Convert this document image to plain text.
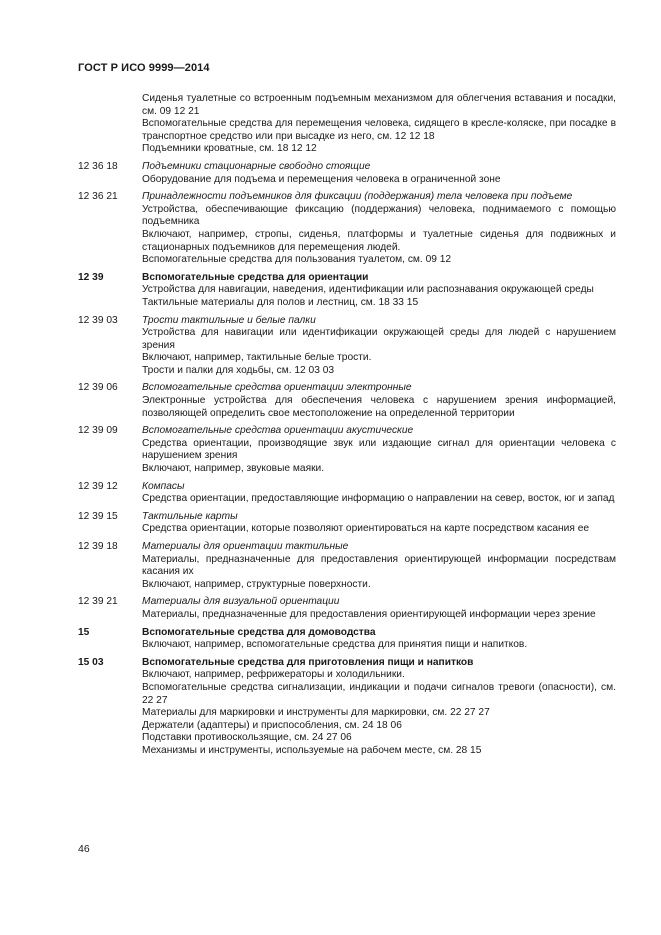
ГОСТ Р ИСО 9999—2014

Сиденья туалетные со встроенным подъемным механизмом для облегчения вставания и посадки, см. 09 12 21

Вспомогательные средства для перемещения человека, сидящего в кресле-коляске, при посадке в транспортное средство или при высадке из него, см. 12 12 18

Подъемники кроватные, см. 18 12 12

12 36 18	Подъемники стационарные свободно стоящие

Оборудование для подъема и перемещения человека в ограниченной зоне

12 36 21	Принадлежности подъемников для фиксации (поддержания) тела человека при подъеме

Устройства, обеспечивающие фиксацию (поддержания) человека, поднимаемого с помощью подъемника

Включают, например, стропы, сиденья, платформы и туалетные сиденья для подвижных и стационарных подъемников для перемещения людей.

Вспомогательные средства для пользования туалетом, см. 09 12

12 39	Вспомогательные средства для ориентации

Устройства для навигации, наведения, идентификации или распознавания окружающей среды

Тактильные материалы для полов и лестниц, см. 18 33 15

12 39 03	Трости тактильные и белые палки

Устройства для навигации или идентификации окружающей среды для людей с нарушением зрения

Включают, например, тактильные белые трости.

Трости и палки для ходьбы, см. 12 03 03

12 39 06	Вспомогательные средства ориентации электронные

Электронные устройства для обеспечения человека с нарушением зрения информацией, позволяющей определить свое местоположение на определенной территории

12 39 09	Вспомогательные средства ориентации акустические

Средства ориентации, производящие звук или издающие сигнал для ориентации человека с нарушением зрения

Включают, например, звуковые маяки.

12 39 12	Компасы

Средства ориентации, предоставляющие информацию о направлении на север, восток, юг и запад

12 39 15	Тактильные карты

Средства ориентации, которые позволяют ориентироваться на карте посредством касания ее

12 39 18	Материалы для ориентации тактильные

Материалы, предназначенные для предоставления ориентирующей информации посредствам касания их

Включают, например, структурные поверхности.

12 39 21	Материалы для визуальной ориентации

Материалы, предназначенные для предоставления ориентирующей информации через зрение

15	Вспомогательные средства для домоводства

Включают, например, вспомогательные средства для принятия пищи и напитков.

15 03	Вспомогательные средства для приготовления пищи и напитков

Включают, например, рефрижераторы и холодильники.

Вспомогательные средства сигнализации, индикации и подачи сигналов тревоги (опасности), см. 22 27

Материалы для маркировки и инструменты для маркировки, см. 22 27 27

Держатели (адаптеры) и приспособления, см. 24 18 06

Подставки противоскользящие, см. 24 27 06

Механизмы и инструменты, используемые на рабочем месте, см. 28 15

46
